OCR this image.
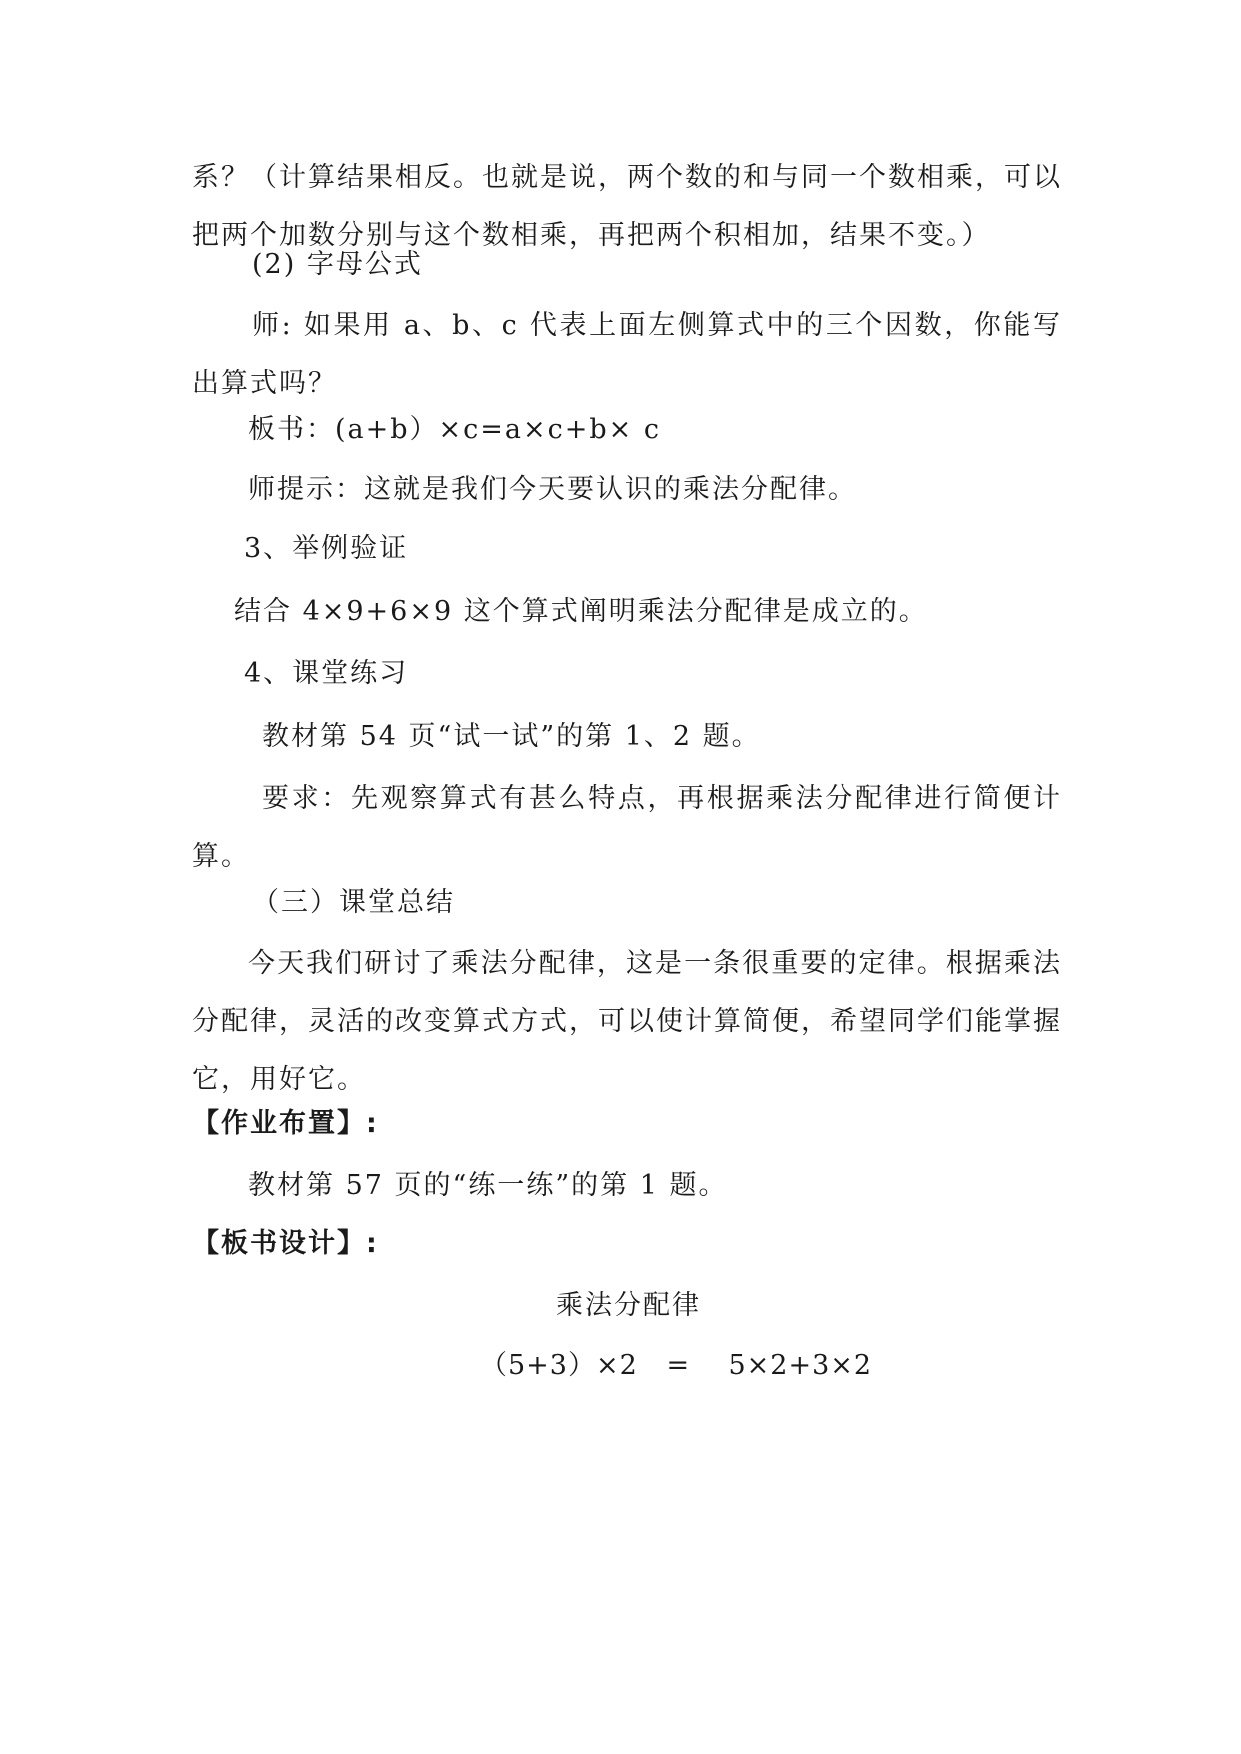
系？（计算结果相反。也就是说，两个数的和与同一个数相乘，可以把两个加数分别与这个数相乘，再把两个积相加，结果不变。）

(2) 字母公式

师: 如果用 a、b、c 代表上面左侧算式中的三个因数，你能写出算式吗？

板书：(a+b）×c=a×c+b× c

师提示：这就是我们今天要认识的乘法分配律。

3、举例验证

结合 4×9+6×9 这个算式阐明乘法分配律是成立的。

4、课堂练习

教材第 54 页“试一试”的第 1、2 题。

要求：先观察算式有甚么特点，再根据乘法分配律进行简便计算。

（三）课堂总结

今天我们研讨了乘法分配律，这是一条很重要的定律。根据乘法分配律，灵活的改变算式方式，可以使计算简便，希望同学们能掌握它，用好它。

【作业布置】:

教材第 57 页的“练一练”的第 1 题。

【板书设计】:

乘法分配律

（5+3）×2   =    5×2+3×2
